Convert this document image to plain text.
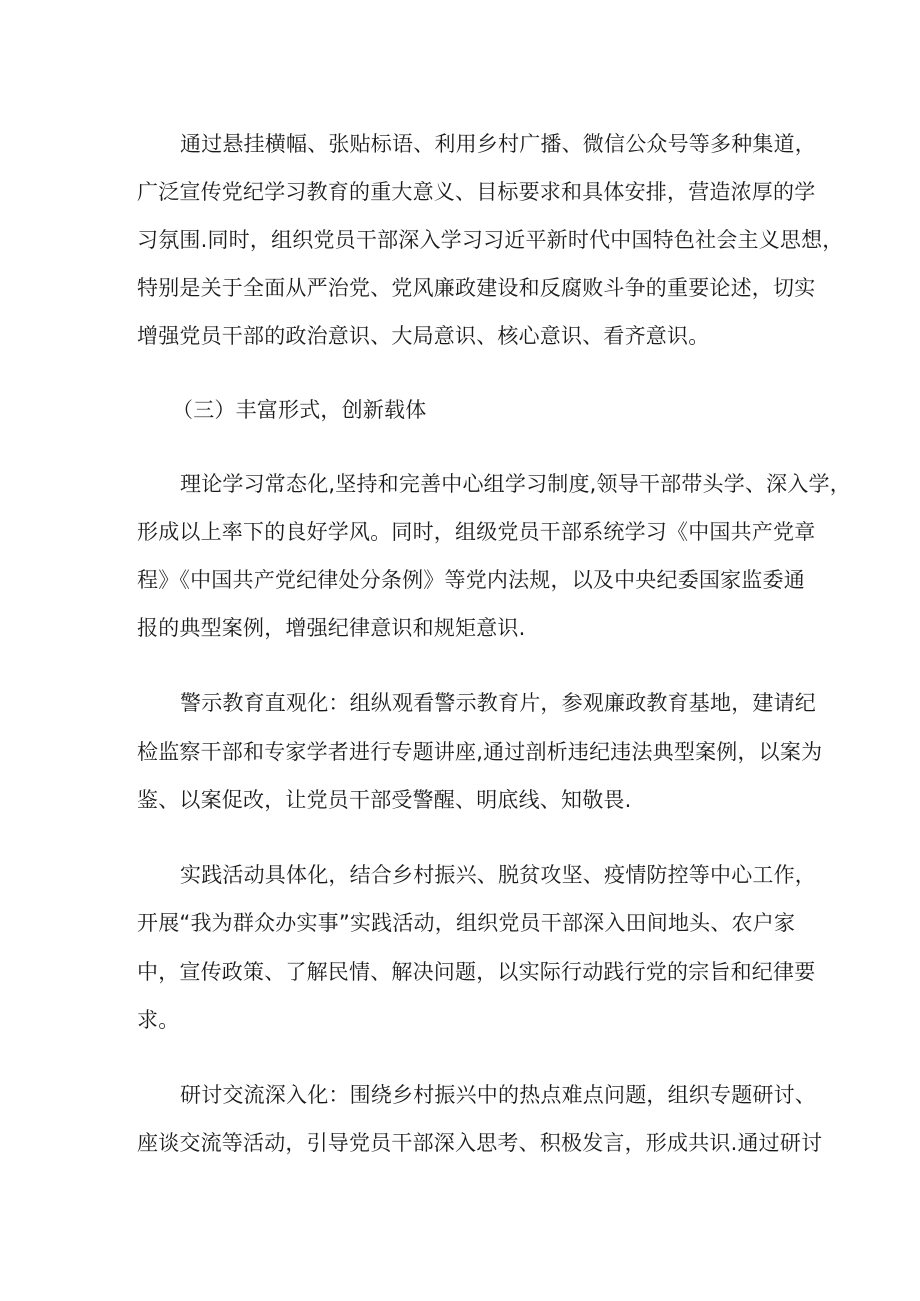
通过悬挂横幅、张贴标语、利用乡村广播、微信公众号等多种集道，
广泛宣传党纪学习教育的重大意义、目标要求和具体安排，营造浓厚的学
习氛围.同时，组织党员干部深入学习习近平新时代中国特色社会主义思想，
特别是关于全面从严治党、党风廉政建设和反腐败斗争的重要论述，切实
增强党员干部的政治意识、大局意识、核心意识、看齐意识。
（三）丰富形式，创新载体
理论学习常态化,坚持和完善中心组学习制度,领导干部带头学、深入学，
形成以上率下的良好学风。同时，组级党员干部系统学习《中国共产党章
程》《中国共产党纪律处分条例》等党内法规，以及中央纪委国家监委通
报的典型案例，增强纪律意识和规矩意识.
警示教育直观化：组纵观看警示教育片，参观廉政教育基地，建请纪
检监察干部和专家学者进行专题讲座,通过剖析违纪违法典型案例，以案为
鉴、以案促改，让党员干部受警醒、明底线、知敬畏.
实践活动具体化，结合乡村振兴、脱贫攻坚、疫情防控等中心工作，
开展“我为群众办实事”实践活动，组织党员干部深入田间地头、农户家
中，宣传政策、了解民情、解决问题，以实际行动践行党的宗旨和纪律要
求。
研讨交流深入化：围绕乡村振兴中的热点难点问题，组织专题研讨、
座谈交流等活动，引导党员干部深入思考、积极发言，形成共识.通过研讨
